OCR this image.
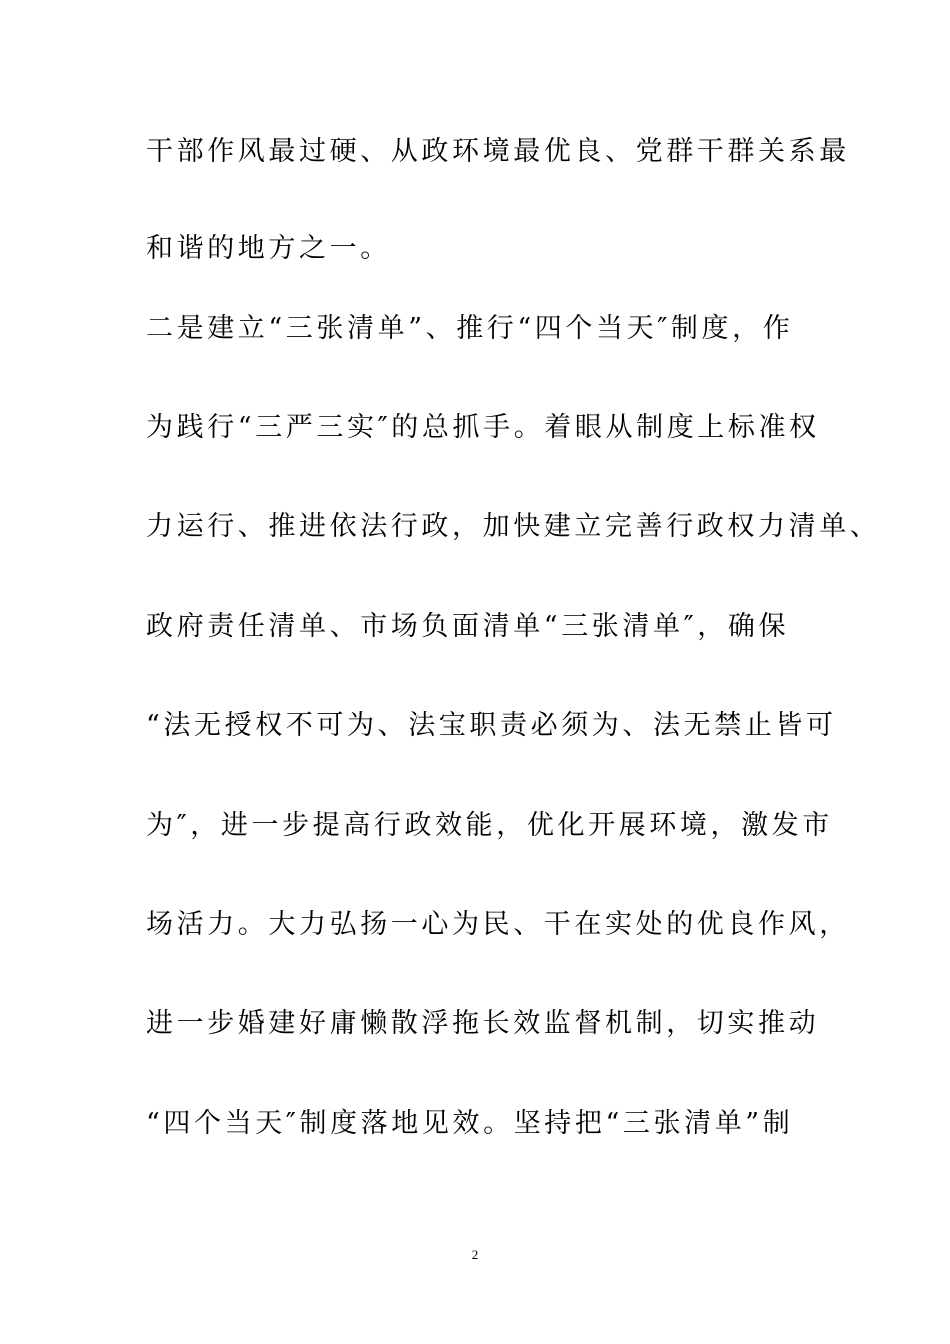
干部作风最过硬、从政环境最优良、党群干群关系最
和谐的地方之一。
二是建立“三张清单”、推行“四个当天″制度，作
为践行“三严三实″的总抓手。着眼从制度上标准权
力运行、推进依法行政，加快建立完善行政权力清单、
政府责任清单、市场负面清单“三张清单″，确保
“法无授权不可为、法宝职责必须为、法无禁止皆可
为″，进一步提高行政效能，优化开展环境，激发市
场活力。大力弘扬一心为民、干在实处的优良作风，
进一步婚建好庸懒散浮拖长效监督机制，切实推动
“四个当天″制度落地见效。坚持把“三张清单”制
2
